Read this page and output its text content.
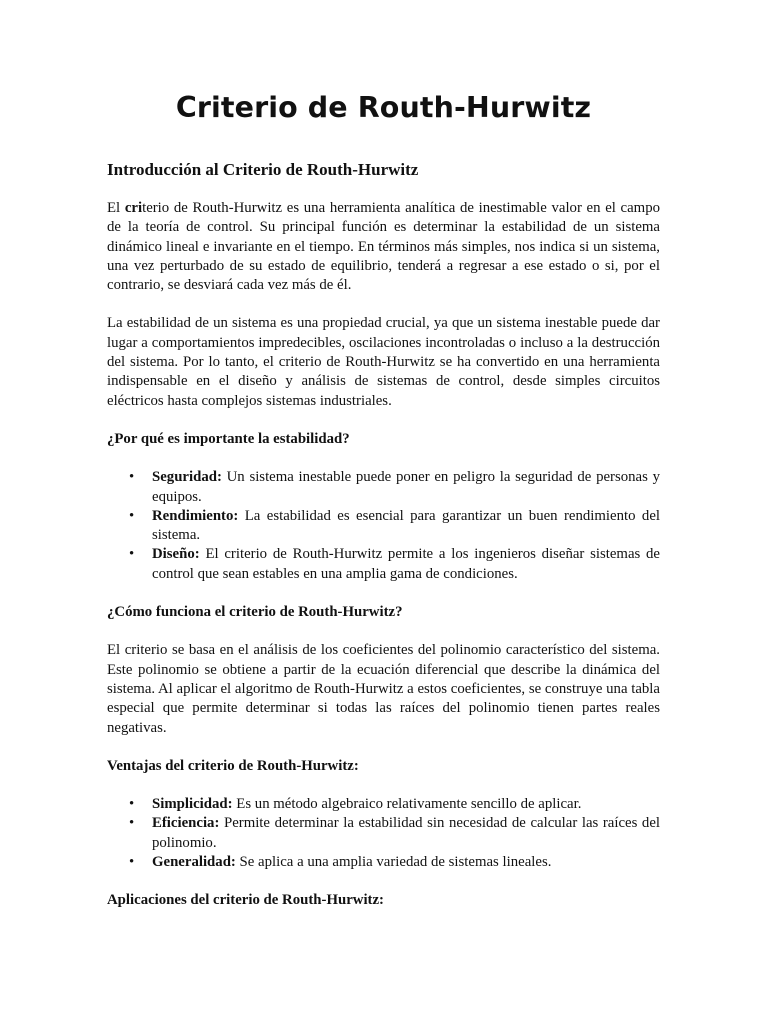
Criterio de Routh-Hurwitz
Introducción al Criterio de Routh-Hurwitz

El criterio de Routh-Hurwitz es una herramienta analítica de inestimable valor en el campo de la teoría de control. Su principal función es determinar la estabilidad de un sistema dinámico lineal e invariante en el tiempo. En términos más simples, nos indica si un sistema, una vez perturbado de su estado de equilibrio, tenderá a regresar a ese estado o si, por el contrario, se desviará cada vez más de él.

La estabilidad de un sistema es una propiedad crucial, ya que un sistema inestable puede dar lugar a comportamientos impredecibles, oscilaciones incontroladas o incluso a la destrucción del sistema. Por lo tanto, el criterio de Routh-Hurwitz se ha convertido en una herramienta indispensable en el diseño y análisis de sistemas de control, desde simples circuitos eléctricos hasta complejos sistemas industriales.

¿Por qué es importante la estabilidad?
• Seguridad: Un sistema inestable puede poner en peligro la seguridad de personas y equipos.
• Rendimiento: La estabilidad es esencial para garantizar un buen rendimiento del sistema.
• Diseño: El criterio de Routh-Hurwitz permite a los ingenieros diseñar sistemas de control que sean estables en una amplia gama de condiciones.
¿Cómo funciona el criterio de Routh-Hurwitz?

El criterio se basa en el análisis de los coeficientes del polinomio característico del sistema. Este polinomio se obtiene a partir de la ecuación diferencial que describe la dinámica del sistema. Al aplicar el algoritmo de Routh-Hurwitz a estos coeficientes, se construye una tabla especial que permite determinar si todas las raíces del polinomio tienen partes reales negativas.

Ventajas del criterio de Routh-Hurwitz:
• Simplicidad: Es un método algebraico relativamente sencillo de aplicar.
• Eficiencia: Permite determinar la estabilidad sin necesidad de calcular las raíces del polinomio.
• Generalidad: Se aplica a una amplia variedad de sistemas lineales.
Aplicaciones del criterio de Routh-Hurwitz:
